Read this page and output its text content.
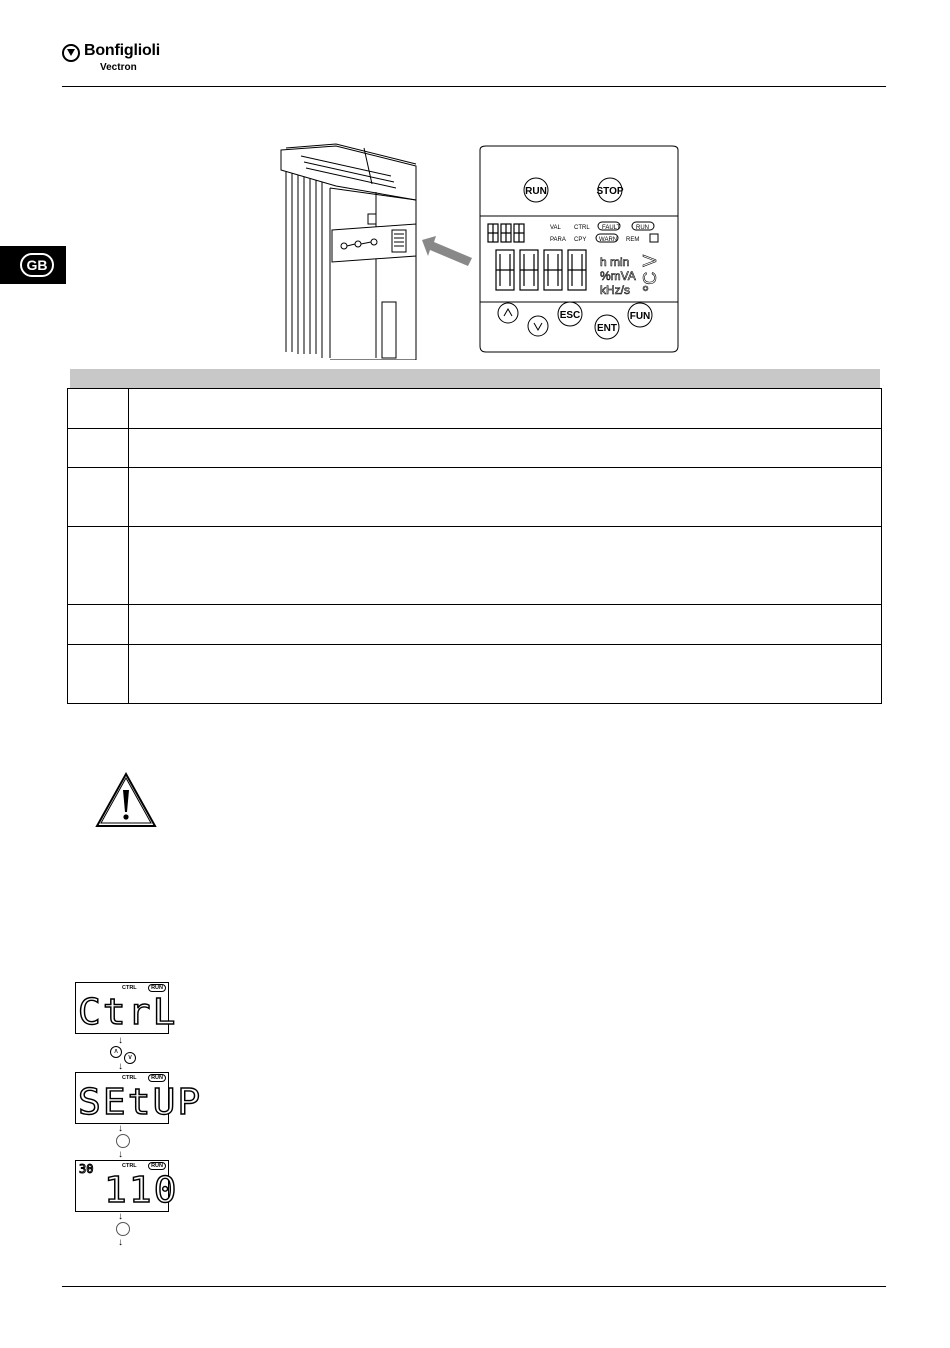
Bonfiglioli
Vectron
GB
RUN	STOP
ESC
ENT
FUN
VAL CTRL FAULT	RUN
PARA CPY WARN REM
h min
%mVA
kHz/s °C V

CTRL	RUN
CtrL
↓
∧
∨
↓
CTRL	RUN
SEtUP
↓
↓
30	CTRL	RUN
110
↓
↓
